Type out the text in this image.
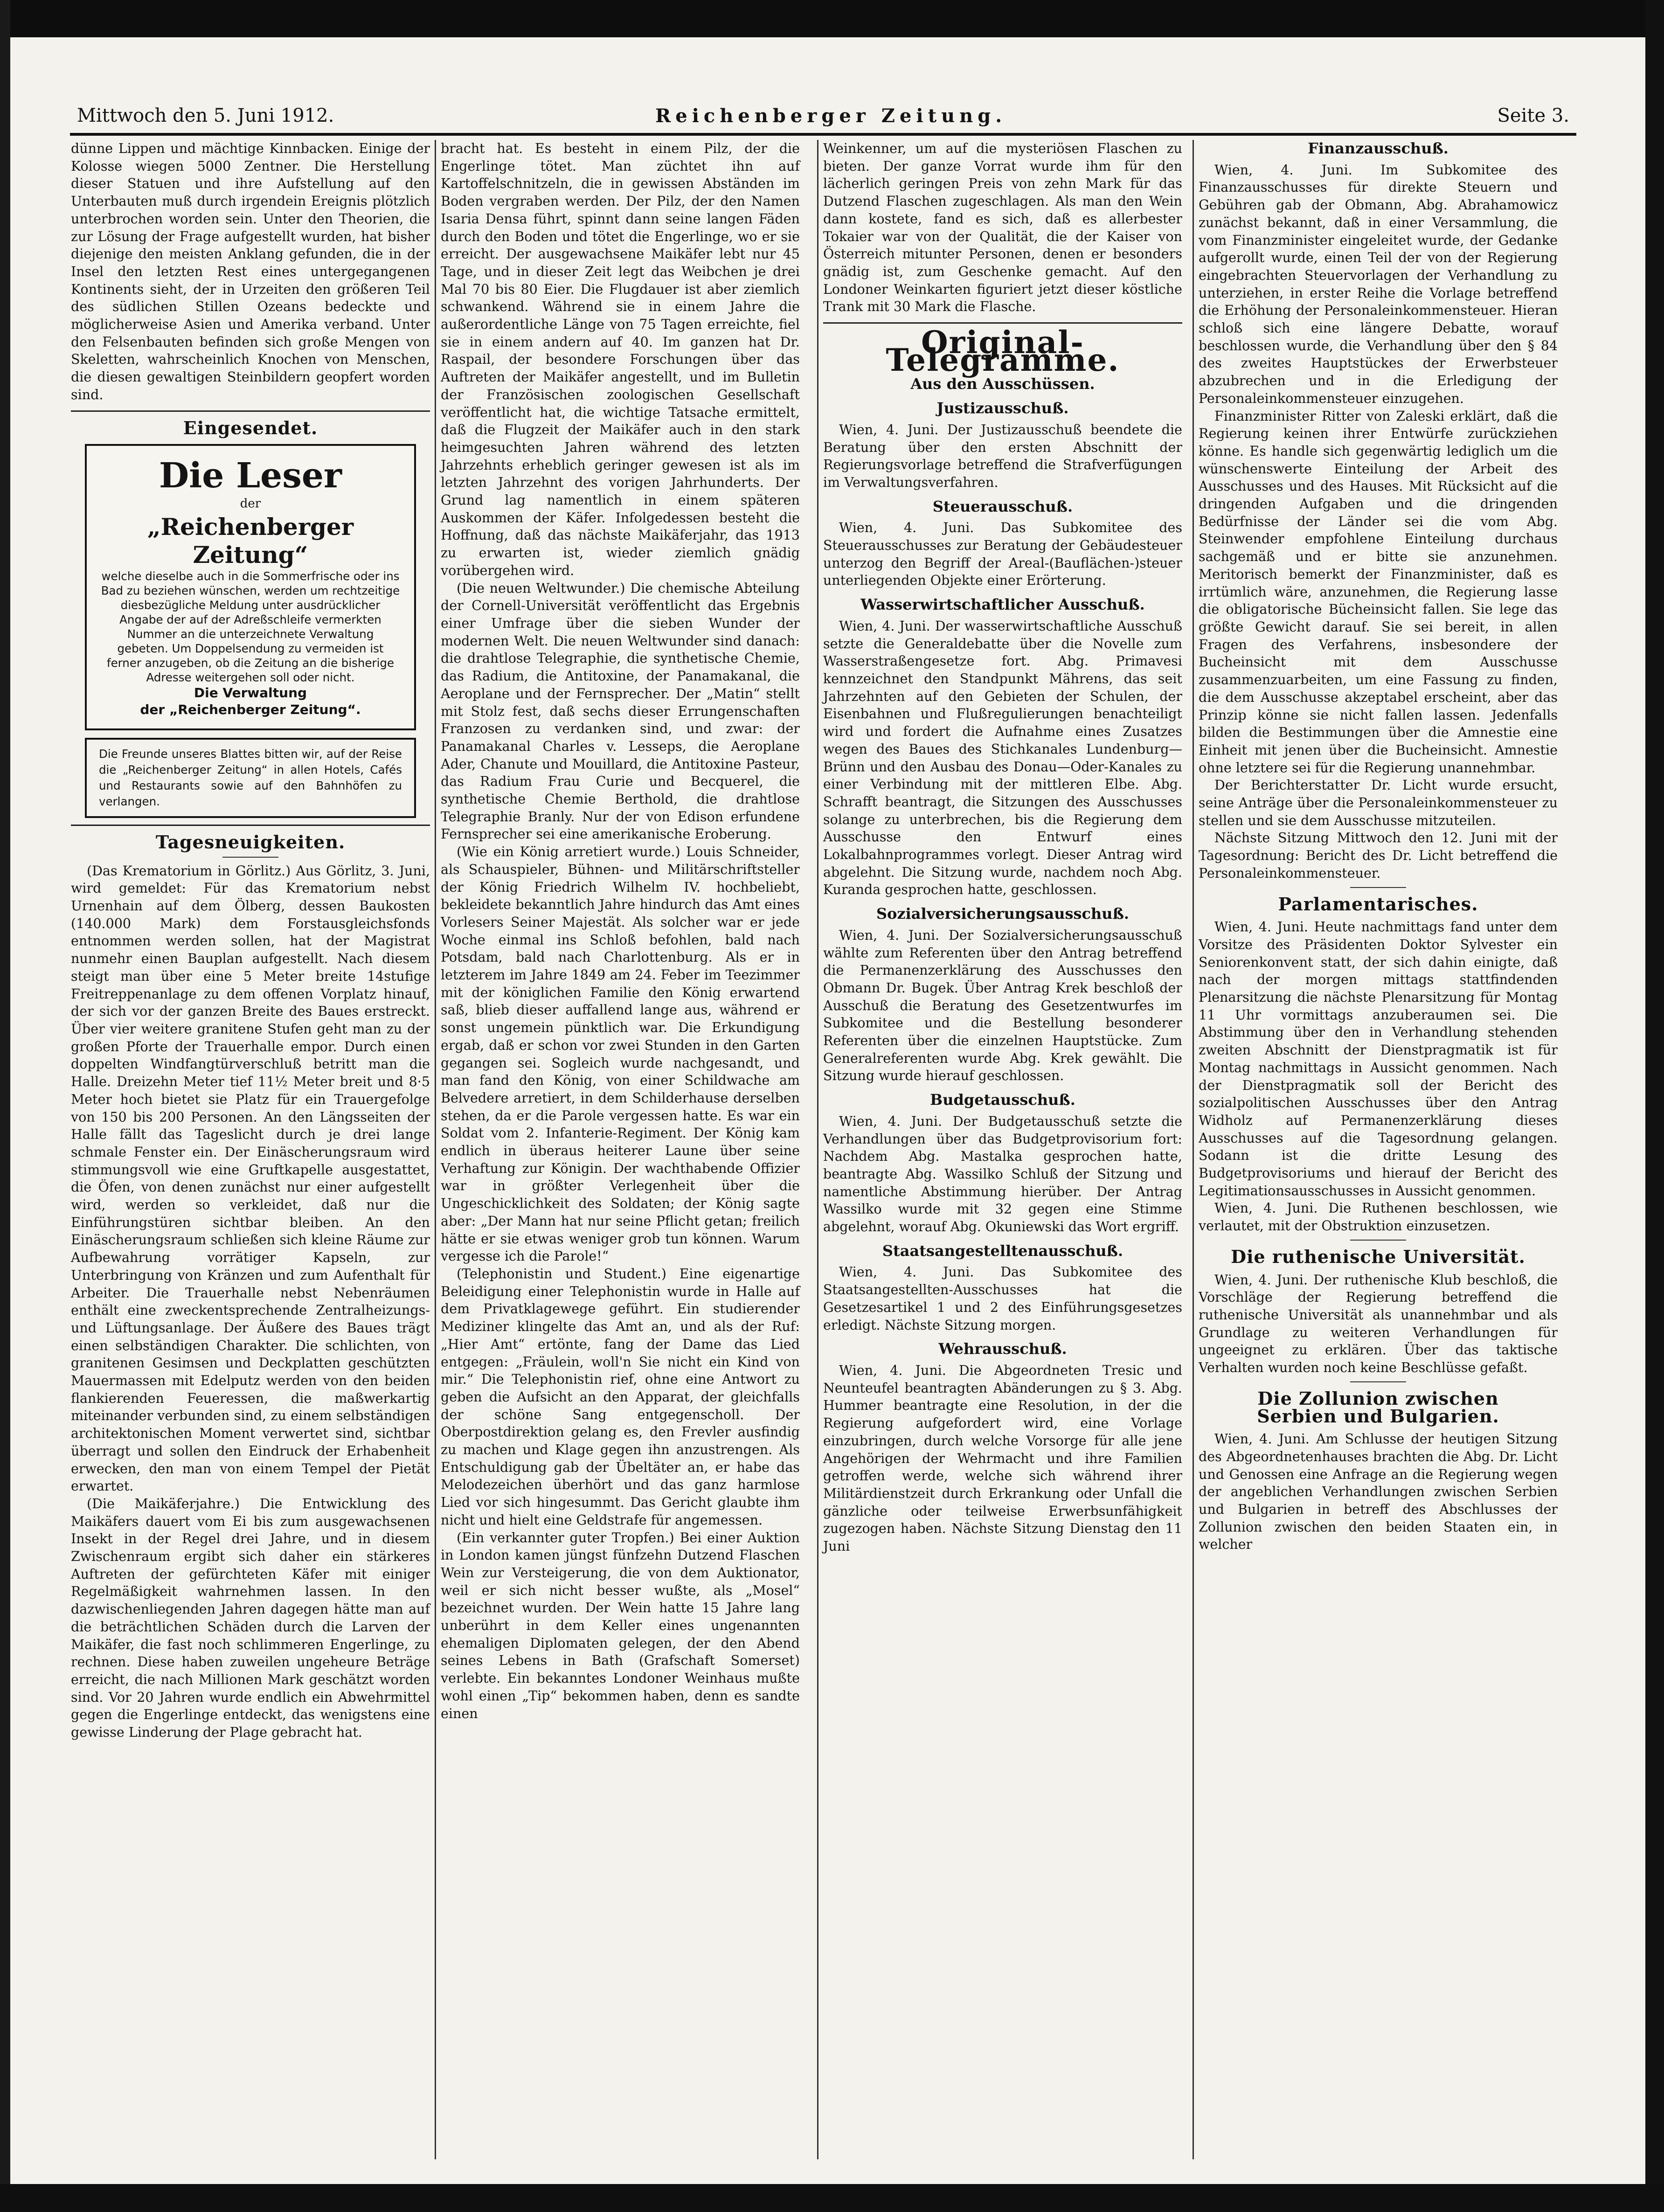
Mittwoch den 5. Juni 1912.	Reichenberger Zeitung.	Seite 3.

dünne Lippen und mächtige Kinnbacken. Einige der Kolosse wiegen 5000 Zentner. Die Herstellung dieser Statuen und ihre Aufstellung auf den Unterbauten muß durch irgendein Ereignis plötzlich unterbrochen worden sein. Unter den Theorien, die zur Lösung der Frage aufgestellt wurden, hat bisher diejenige den meisten Anklang gefunden, die in der Insel den letzten Rest eines untergegangenen Kontinents sieht, der in Urzeiten den größeren Teil des südlichen Stillen Ozeans bedeckte und möglicherweise Asien und Amerika verband. Unter den Felsenbauten befinden sich große Mengen von Skeletten, wahrscheinlich Knochen von Menschen, die diesen gewaltigen Steinbildern geopfert worden sind.

Eingesendet.
Die Leser
der
„Reichenberger Zeitung“
welche dieselbe auch in die Sommerfrische oder ins Bad zu beziehen wünschen, werden um rechtzeitige diesbezügliche Meldung unter ausdrücklicher Angabe der auf der Adreßschleife vermerkten Nummer an die unterzeichnete Verwaltung gebeten. Um Doppelsendung zu vermeiden ist ferner anzugeben, ob die Zeitung an die bisherige Adresse weitergehen soll oder nicht.
Die Verwaltung
der „Reichenberger Zeitung“.
Die Freunde unseres Blattes bitten wir, auf der Reise die „Reichenberger Zeitung“ in allen Hotels, Cafés und Restaurants sowie auf den Bahnhöfen zu verlangen.
Tagesneuigkeiten.

(Das Krematorium in Görlitz.) Aus Görlitz, 3. Juni, wird gemeldet: Für das Krematorium nebst Urnenhain auf dem Ölberg, dessen Baukosten (140.000 Mark) dem Forstausgleichsfonds entnommen werden sollen, hat der Magistrat nunmehr einen Bauplan aufgestellt. Nach diesem steigt man über eine 5 Meter breite 14stufige Freitreppenanlage zu dem offenen Vorplatz hinauf, der sich vor der ganzen Breite des Baues erstreckt. Über vier weitere granitene Stufen geht man zu der großen Pforte der Trauerhalle empor. Durch einen doppelten Windfangtürverschluß betritt man die Halle. Dreizehn Meter tief 11½ Meter breit und 8·5 Meter hoch bietet sie Platz für ein Trauergefolge von 150 bis 200 Personen. An den Längsseiten der Halle fällt das Tageslicht durch je drei lange schmale Fenster ein. Der Einäscherungsraum wird stimmungsvoll wie eine Gruftkapelle ausgestattet, die Öfen, von denen zunächst nur einer aufgestellt wird, werden so verkleidet, daß nur die Einführungstüren sichtbar bleiben. An den Einäscherungsraum schließen sich kleine Räume zur Aufbewahrung vorrätiger Kapseln, zur Unterbringung von Kränzen und zum Aufenthalt für Arbeiter. Die Trauerhalle nebst Nebenräumen enthält eine zweckentsprechende Zentralheizungs- und Lüftungsanlage. Der Äußere des Baues trägt einen selbständigen Charakter. Die schlichten, von granitenen Gesimsen und Deckplatten geschützten Mauermassen mit Edelputz werden von den beiden flankierenden Feueressen, die maßwerkartig miteinander verbunden sind, zu einem selbständigen architektonischen Moment verwertet sind, sichtbar überragt und sollen den Eindruck der Erhabenheit erwecken, den man von einem Tempel der Pietät erwartet.

(Die Maikäferjahre.) Die Entwicklung des Maikäfers dauert vom Ei bis zum ausgewachsenen Insekt in der Regel drei Jahre, und in diesem Zwischenraum ergibt sich daher ein stärkeres Auftreten der gefürchteten Käfer mit einiger Regelmäßigkeit wahrnehmen lassen. In den dazwischenliegenden Jahren dagegen hätte man auf die beträchtlichen Schäden durch die Larven der Maikäfer, die fast noch schlimmeren Engerlinge, zu rechnen. Diese haben zuweilen ungeheure Beträge erreicht, die nach Millionen Mark geschätzt worden sind. Vor 20 Jahren wurde endlich ein Abwehrmittel gegen die Engerlinge entdeckt, das wenigstens eine gewisse Linderung der Plage gebracht hat.

bracht hat. Es besteht in einem Pilz, der die Engerlinge tötet. Man züchtet ihn auf Kartoffelschnitzeln, die in gewissen Abständen im Boden vergraben werden. Der Pilz, der den Namen Isaria Densa führt, spinnt dann seine langen Fäden durch den Boden und tötet die Engerlinge, wo er sie erreicht. Der ausgewachsene Maikäfer lebt nur 45 Tage, und in dieser Zeit legt das Weibchen je drei Mal 70 bis 80 Eier. Die Flugdauer ist aber ziemlich schwankend. Während sie in einem Jahre die außerordentliche Länge von 75 Tagen erreichte, fiel sie in einem andern auf 40. Im ganzen hat Dr. Raspail, der besondere Forschungen über das Auftreten der Maikäfer angestellt, und im Bulletin der Französischen zoologischen Gesellschaft veröffentlicht hat, die wichtige Tatsache ermittelt, daß die Flugzeit der Maikäfer auch in den stark heimgesuchten Jahren während des letzten Jahrzehnts erheblich geringer gewesen ist als im letzten Jahrzehnt des vorigen Jahrhunderts. Der Grund lag namentlich in einem späteren Auskommen der Käfer. Infolgedessen besteht die Hoffnung, daß das nächste Maikäferjahr, das 1913 zu erwarten ist, wieder ziemlich gnädig vorübergehen wird.

(Die neuen Weltwunder.) Die chemische Abteilung der Cornell-Universität veröffentlicht das Ergebnis einer Umfrage über die sieben Wunder der modernen Welt. Die neuen Weltwunder sind danach: die drahtlose Telegraphie, die synthetische Chemie, das Radium, die Antitoxine, der Panamakanal, die Aeroplane und der Fernsprecher. Der „Matin“ stellt mit Stolz fest, daß sechs dieser Errungenschaften Franzosen zu verdanken sind, und zwar: der Panamakanal Charles v. Lesseps, die Aeroplane Ader, Chanute und Mouillard, die Antitoxine Pasteur, das Radium Frau Curie und Becquerel, die synthetische Chemie Berthold, die drahtlose Telegraphie Branly. Nur der von Edison erfundene Fernsprecher sei eine amerikanische Eroberung.

(Wie ein König arretiert wurde.) Louis Schneider, als Schauspieler, Bühnen- und Militärschriftsteller der König Friedrich Wilhelm IV. hochbeliebt, bekleidete bekanntlich Jahre hindurch das Amt eines Vorlesers Seiner Majestät. Als solcher war er jede Woche einmal ins Schloß befohlen, bald nach Potsdam, bald nach Charlottenburg. Als er in letzterem im Jahre 1849 am 24. Feber im Teezimmer mit der königlichen Familie den König erwartend saß, blieb dieser auffallend lange aus, während er sonst ungemein pünktlich war. Die Erkundigung ergab, daß er schon vor zwei Stunden in den Garten gegangen sei. Sogleich wurde nachgesandt, und man fand den König, von einer Schildwache am Belvedere arretiert, in dem Schilderhause derselben stehen, da er die Parole vergessen hatte. Es war ein Soldat vom 2. Infanterie-Regiment. Der König kam endlich in überaus heiterer Laune über seine Verhaftung zur Königin. Der wachthabende Offizier war in größter Verlegenheit über die Ungeschicklichkeit des Soldaten; der König sagte aber: „Der Mann hat nur seine Pflicht getan; freilich hätte er sie etwas weniger grob tun können. Warum vergesse ich die Parole!“

(Telephonistin und Student.) Eine eigenartige Beleidigung einer Telephonistin wurde in Halle auf dem Privatklagewege geführt. Ein studierender Mediziner klingelte das Amt an, und als der Ruf: „Hier Amt“ ertönte, fang der Dame das Lied entgegen: „Fräulein, woll'n Sie nicht ein Kind von mir.“ Die Telephonistin rief, ohne eine Antwort zu geben die Aufsicht an den Apparat, der gleichfalls der schöne Sang entgegenscholl. Der Oberpostdirektion gelang es, den Frevler ausfindig zu machen und Klage gegen ihn anzustrengen. Als Entschuldigung gab der Übeltäter an, er habe das Melodezeichen überhört und das ganz harmlose Lied vor sich hingesummt. Das Gericht glaubte ihm nicht und hielt eine Geldstrafe für angemessen.

(Ein verkannter guter Tropfen.) Bei einer Auktion in London kamen jüngst fünfzehn Dutzend Flaschen Wein zur Versteigerung, die von dem Auktionator, weil er sich nicht besser wußte, als „Mosel“ bezeichnet wurden. Der Wein hatte 15 Jahre lang unberührt in dem Keller eines ungenannten ehemaligen Diplomaten gelegen, der den Abend seines Lebens in Bath (Grafschaft Somerset) verlebte. Ein bekanntes Londoner Weinhaus mußte wohl einen „Tip“ bekommen haben, denn es sandte einen

Weinkenner, um auf die mysteriösen Flaschen zu bieten. Der ganze Vorrat wurde ihm für den lächerlich geringen Preis von zehn Mark für das Dutzend Flaschen zugeschlagen. Als man den Wein dann kostete, fand es sich, daß es allerbester Tokaier war von der Qualität, die der Kaiser von Österreich mitunter Personen, denen er besonders gnädig ist, zum Geschenke gemacht. Auf den Londoner Weinkarten figuriert jetzt dieser köstliche Trank mit 30 Mark die Flasche.

Original-Telegramme.
Aus den Ausschüssen.
Justizausschuß.

Wien, 4. Juni. Der Justizausschuß beendete die Beratung über den ersten Abschnitt der Regierungsvorlage betreffend die Strafverfügungen im Verwaltungsverfahren.

Steuerausschuß.

Wien, 4. Juni. Das Subkomitee des Steuerausschusses zur Beratung der Gebäudesteuer unterzog den Begriff der Areal-(Bauflächen-)steuer unterliegenden Objekte einer Erörterung.

Wasserwirtschaftlicher Ausschuß.

Wien, 4. Juni. Der wasserwirtschaftliche Ausschuß setzte die Generaldebatte über die Novelle zum Wasserstraßengesetze fort. Abg. Primavesi kennzeichnet den Standpunkt Mährens, das seit Jahrzehnten auf den Gebieten der Schulen, der Eisenbahnen und Flußregulierungen benachteiligt wird und fordert die Aufnahme eines Zusatzes wegen des Baues des Stichkanales Lundenburg—Brünn und den Ausbau des Donau—Oder-Kanales zu einer Verbindung mit der mittleren Elbe. Abg. Schrafft beantragt, die Sitzungen des Ausschusses solange zu unterbrechen, bis die Regierung dem Ausschusse den Entwurf eines Lokalbahnprogrammes vorlegt. Dieser Antrag wird abgelehnt. Die Sitzung wurde, nachdem noch Abg. Kuranda gesprochen hatte, geschlossen.

Sozialversicherungsausschuß.

Wien, 4. Juni. Der Sozialversicherungsausschuß wählte zum Referenten über den Antrag betreffend die Permanenzerklärung des Ausschusses den Obmann Dr. Bugek. Über Antrag Krek beschloß der Ausschuß die Beratung des Gesetzentwurfes im Subkomitee und die Bestellung besonderer Referenten über die einzelnen Hauptstücke. Zum Generalreferenten wurde Abg. Krek gewählt. Die Sitzung wurde hierauf geschlossen.

Budgetausschuß.

Wien, 4. Juni. Der Budgetausschuß setzte die Verhandlungen über das Budgetprovisorium fort: Nachdem Abg. Mastalka gesprochen hatte, beantragte Abg. Wassilko Schluß der Sitzung und namentliche Abstimmung hierüber. Der Antrag Wassilko wurde mit 32 gegen eine Stimme abgelehnt, worauf Abg. Okuniewski das Wort ergriff.

Staatsangestelltenausschuß.

Wien, 4. Juni. Das Subkomitee des Staatsangestellten-Ausschusses hat die Gesetzesartikel 1 und 2 des Einführungsgesetzes erledigt. Nächste Sitzung morgen.

Wehrausschuß.

Wien, 4. Juni. Die Abgeordneten Tresic und Neunteufel beantragten Abänderungen zu § 3. Abg. Hummer beantragte eine Resolution, in der die Regierung aufgefordert wird, eine Vorlage einzubringen, durch welche Vorsorge für alle jene Angehörigen der Wehrmacht und ihre Familien getroffen werde, welche sich während ihrer Militärdienstzeit durch Erkrankung oder Unfall die gänzliche oder teilweise Erwerbsunfähigkeit zugezogen haben. Nächste Sitzung Dienstag den 11 Juni

Finanzausschuß.

Wien, 4. Juni. Im Subkomitee des Finanzausschusses für direkte Steuern und Gebühren gab der Obmann, Abg. Abrahamowicz zunächst bekannt, daß in einer Versammlung, die vom Finanzminister eingeleitet wurde, der Gedanke aufgerollt wurde, einen Teil der von der Regierung eingebrachten Steuervorlagen der Verhandlung zu unterziehen, in erster Reihe die Vorlage betreffend die Erhöhung der Personaleinkommensteuer. Hieran schloß sich eine längere Debatte, worauf beschlossen wurde, die Verhandlung über den § 84 des zweites Hauptstückes der Erwerbsteuer abzubrechen und in die Erledigung der Personaleinkommensteuer einzugehen.

Finanzminister Ritter von Zaleski erklärt, daß die Regierung keinen ihrer Entwürfe zurückziehen könne. Es handle sich gegenwärtig lediglich um die wünschenswerte Einteilung der Arbeit des Ausschusses und des Hauses. Mit Rücksicht auf die dringenden Aufgaben und die dringenden Bedürfnisse der Länder sei die vom Abg. Steinwender empfohlene Einteilung durchaus sachgemäß und er bitte sie anzunehmen. Meritorisch bemerkt der Finanzminister, daß es irrtümlich wäre, anzunehmen, die Regierung lasse die obligatorische Bücheinsicht fallen. Sie lege das größte Gewicht darauf. Sie sei bereit, in allen Fragen des Verfahrens, insbesondere der Bucheinsicht mit dem Ausschusse zusammenzuarbeiten, um eine Fassung zu finden, die dem Ausschusse akzeptabel erscheint, aber das Prinzip könne sie nicht fallen lassen. Jedenfalls bilden die Bestimmungen über die Amnestie eine Einheit mit jenen über die Bucheinsicht. Amnestie ohne letztere sei für die Regierung unannehmbar.

Der Berichterstatter Dr. Licht wurde ersucht, seine Anträge über die Personaleinkommensteuer zu stellen und sie dem Ausschusse mitzuteilen.

Nächste Sitzung Mittwoch den 12. Juni mit der Tagesordnung: Bericht des Dr. Licht betreffend die Personaleinkommensteuer.

Parlamentarisches.

Wien, 4. Juni. Heute nachmittags fand unter dem Vorsitze des Präsidenten Doktor Sylvester ein Seniorenkonvent statt, der sich dahin einigte, daß nach der morgen mittags stattfindenden Plenarsitzung die nächste Plenarsitzung für Montag 11 Uhr vormittags anzuberaumen sei. Die Abstimmung über den in Verhandlung stehenden zweiten Abschnitt der Dienstpragmatik ist für Montag nachmittags in Aussicht genommen. Nach der Dienstpragmatik soll der Bericht des sozialpolitischen Ausschusses über den Antrag Widholz auf Permanenzerklärung dieses Ausschusses auf die Tagesordnung gelangen. Sodann ist die dritte Lesung des Budgetprovisoriums und hierauf der Bericht des Legitimationsausschusses in Aussicht genommen.

Wien, 4. Juni. Die Ruthenen beschlossen, wie verlautet, mit der Obstruktion einzusetzen.

Die ruthenische Universität.

Wien, 4. Juni. Der ruthenische Klub beschloß, die Vorschläge der Regierung betreffend die ruthenische Universität als unannehmbar und als Grundlage zu weiteren Verhandlungen für ungeeignet zu erklären. Über das taktische Verhalten wurden noch keine Beschlüsse gefaßt.

Die Zollunion zwischen
Serbien und Bulgarien.

Wien, 4. Juni. Am Schlusse der heutigen Sitzung des Abgeordnetenhauses brachten die Abg. Dr. Licht und Genossen eine Anfrage an die Regierung wegen der angeblichen Verhandlungen zwischen Serbien und Bulgarien in betreff des Abschlusses der Zollunion zwischen den beiden Staaten ein, in welcher
